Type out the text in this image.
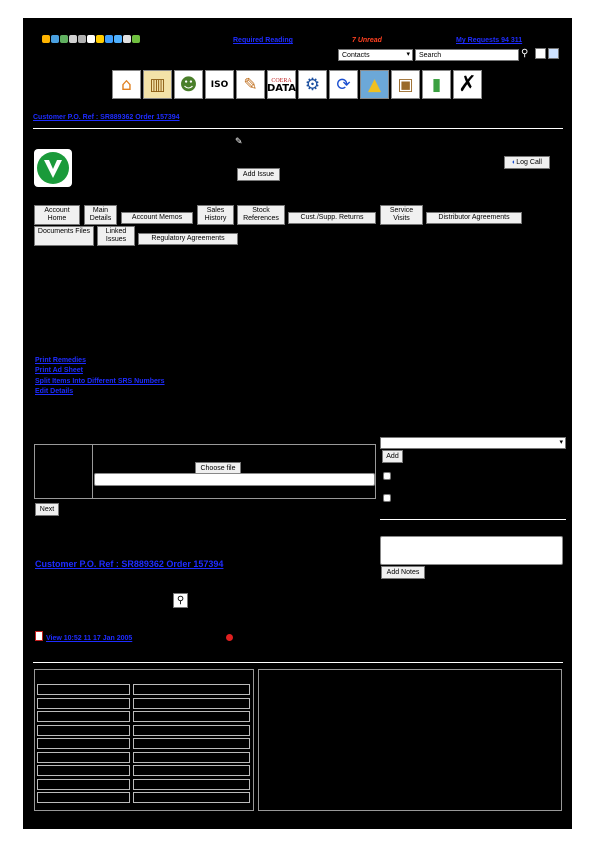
Required Reading	7 Unread	My Requests 94 311
Contacts	▾	Search	⚲
⌂	▥ ☻	ISO ✎	COERA
DATA ⚙ ⟳	▲ ▣	▮ ✗
Customer P.O. Ref : SR889362 Order 157394
✎
Add Issue
◐Log Call
Account Home
Main Details	Account Memos
Sales History
Stock References	Cust./Supp. Returns
Service Visits	Distributor Agreements
Documents Files	Linked Issues	Regulatory Agreements
Print Remedies
Print Ad Sheet
Split Items Into Different SRS Numbers
Edit Details
Choose file
Next
▾
Add
Add Notes
Customer P.O. Ref : SR889362 Order 157394
⚲
View 10:52 11 17 Jan 2005
